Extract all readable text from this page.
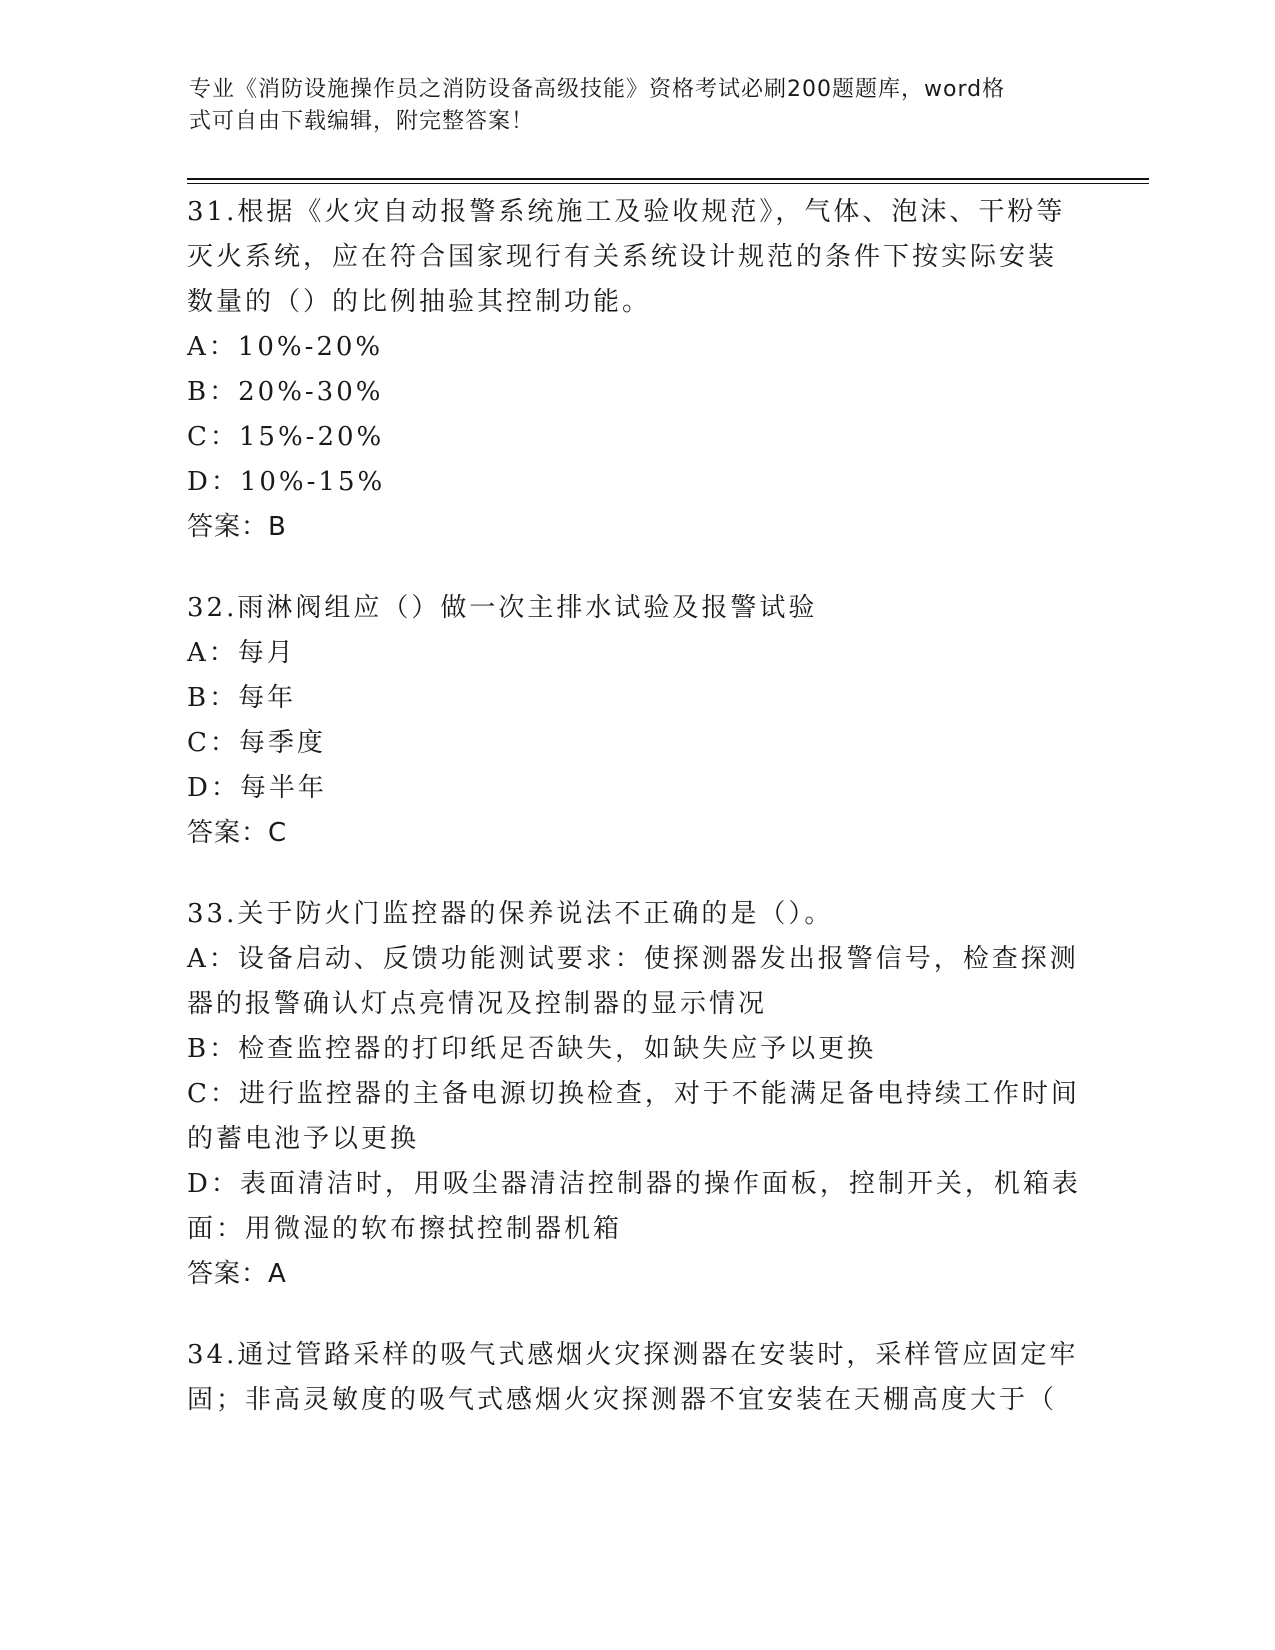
专业《消防设施操作员之消防设备高级技能》资格考试必刷200题题库，word格
式可自由下载编辑，附完整答案！
31.根据《火灾自动报警系统施工及验收规范》，气体、泡沫、干粉等
灭火系统，应在符合国家现行有关系统设计规范的条件下按实际安装
数量的（）的比例抽验其控制功能。
A：10%-20%
B：20%-30%
C：15%-20%
D：10%-15%
答案：B
32.雨淋阀组应（）做一次主排水试验及报警试验
A：每月
B：每年
C：每季度
D：每半年
答案：C
33.关于防火门监控器的保养说法不正确的是（）。
A：设备启动、反馈功能测试要求：使探测器发出报警信号，检查探测
器的报警确认灯点亮情况及控制器的显示情况
B：检查监控器的打印纸足否缺失，如缺失应予以更换
C：进行监控器的主备电源切换检查，对于不能满足备电持续工作时间
的蓄电池予以更换
D：表面清洁时，用吸尘器清洁控制器的操作面板，控制开关，机箱表
面：用微湿的软布擦拭控制器机箱
答案：A
34.通过管路采样的吸气式感烟火灾探测器在安装时，采样管应固定牢
固；非高灵敏度的吸气式感烟火灾探测器不宜安装在天棚高度大于（
